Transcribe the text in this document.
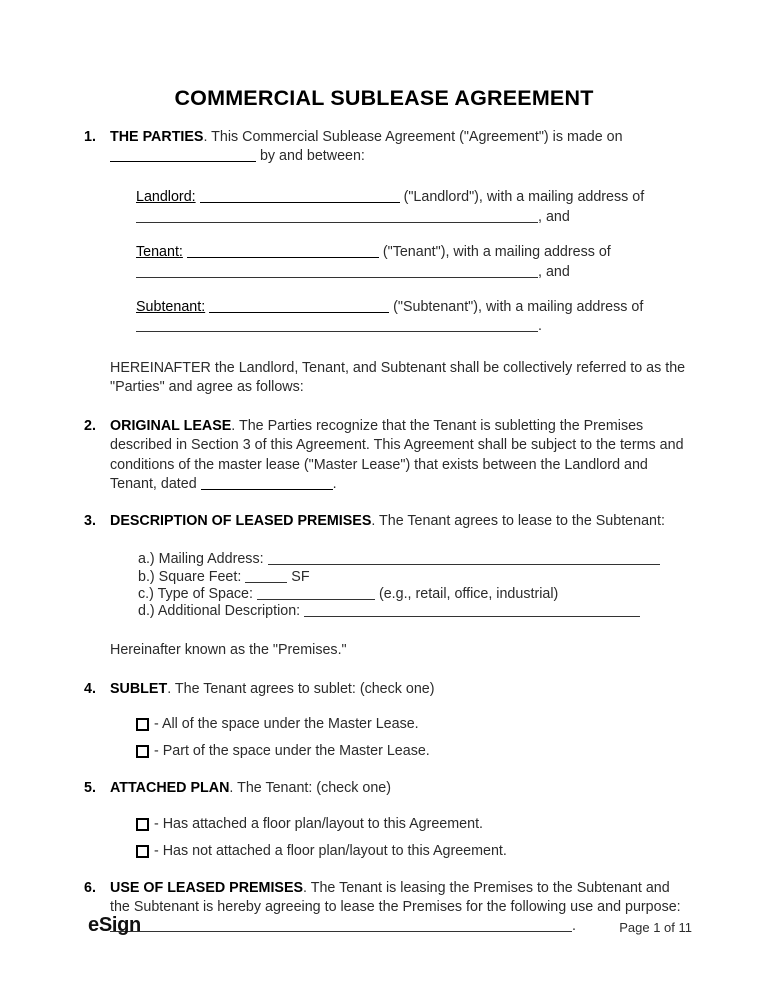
COMMERCIAL SUBLEASE AGREEMENT
1. THE PARTIES. This Commercial Sublease Agreement ("Agreement") is made on
by and between:
Landlord:	("Landlord"), with a mailing address of
, and
Tenant:	("Tenant"), with a mailing address of
, and
Subtenant:	("Subtenant"), with a mailing address of
.
HEREINAFTER the Landlord, Tenant, and Subtenant shall be collectively referred to as the "Parties" and agree as follows:
2. ORIGINAL LEASE. The Parties recognize that the Tenant is subletting the Premises described in Section 3 of this Agreement. This Agreement shall be subject to the terms and conditions of the master lease ("Master Lease") that exists between the Landlord and Tenant, dated	.
3. DESCRIPTION OF LEASED PREMISES. The Tenant agrees to lease to the Subtenant:
a.) Mailing Address:
b.) Square Feet:	SF
c.) Type of Space:	(e.g., retail, office, industrial)
d.) Additional Description:
Hereinafter known as the "Premises."
4. SUBLET. The Tenant agrees to sublet: (check one)
- All of the space under the Master Lease.
- Part of the space under the Master Lease.
5. ATTACHED PLAN. The Tenant: (check one)
- Has attached a floor plan/layout to this Agreement.
- Has not attached a floor plan/layout to this Agreement.
6. USE OF LEASED PREMISES. The Tenant is leasing the Premises to the Subtenant and the Subtenant is hereby agreeing to lease the Premises for the following use and purpose: .
eSign	Page 1 of 11
